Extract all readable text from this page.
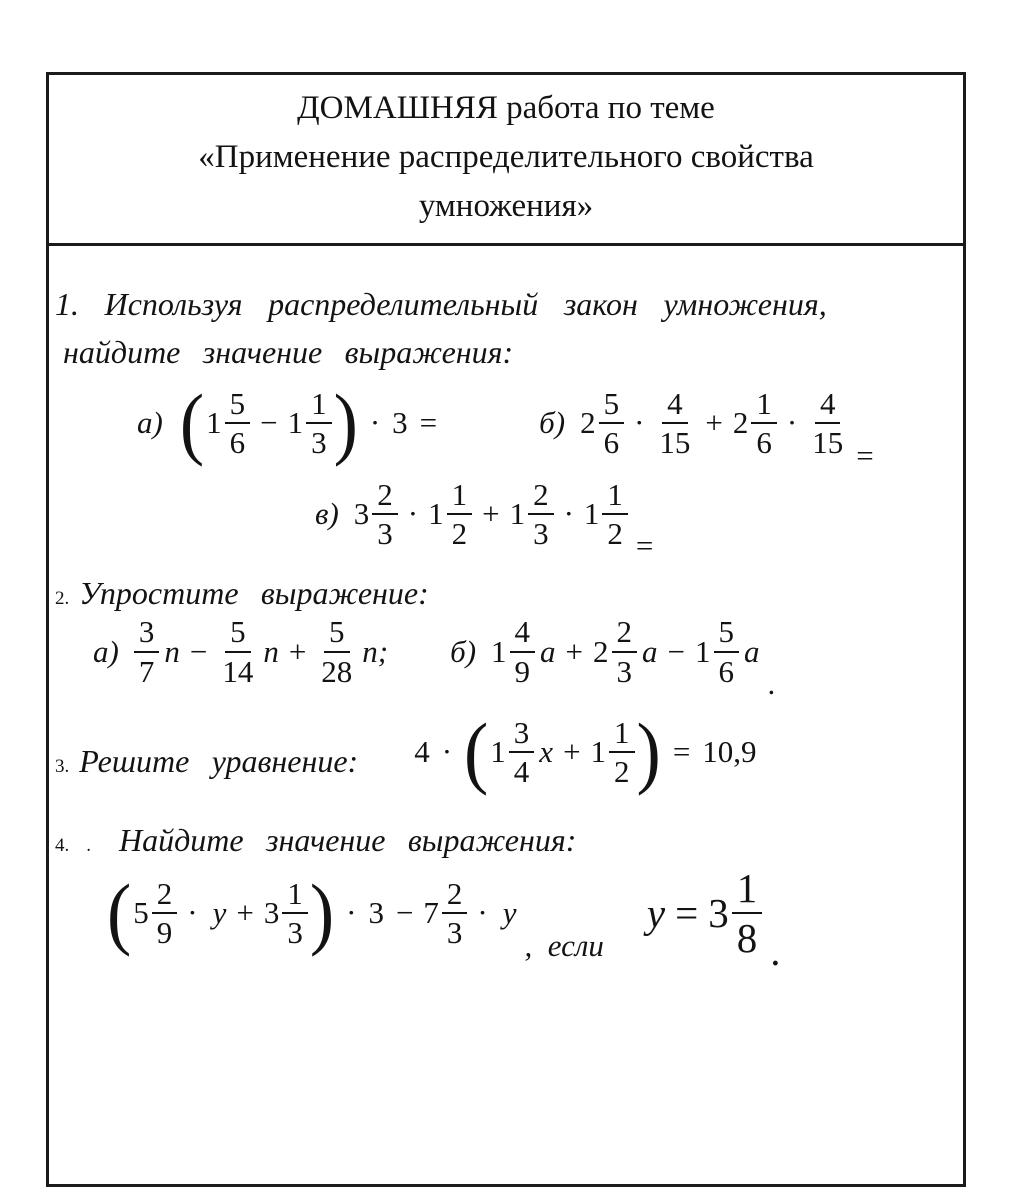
ДОМАШНЯЯ работа по теме
«Применение распределительного свойства
умножения»
1. Используя распределительный закон умножения,
найдите значение выражения:
а) ( $1 \frac{5}{6} - 1 \frac{1}{3}$ ) · 3 =	б) $2 \frac{5}{6} \cdot \frac{4}{15} + 2 \frac{1}{6} \cdot \frac{4}{15}$ =
в) $3 \frac{2}{3} \cdot 1 \frac{1}{2} + 1 \frac{2}{3} \cdot 1 \frac{1}{2}$ =
2. Упростите выражение:
$а) \frac{3}{7}$ $n - \frac{5}{14}$ $n + \frac{5}{28} n$; б) $1 \frac{4}{9}$ $a + 2 \frac{2}{3}$ $a - 1 \frac{5}{6}$ a
.
3. Решите уравнение: 4 · ( $1 \frac{3}{4}$ $x + 1 \frac{1}{2}$ ) = 10,9
4. . Найдите значение выражения:
( $5 \frac{2}{9} \cdot y + 3 \frac{1}{3}$ ) · $3 - 7 \frac{2}{3} \cdot y$
,  если
$y = 3 \frac{1}{8}$ .
